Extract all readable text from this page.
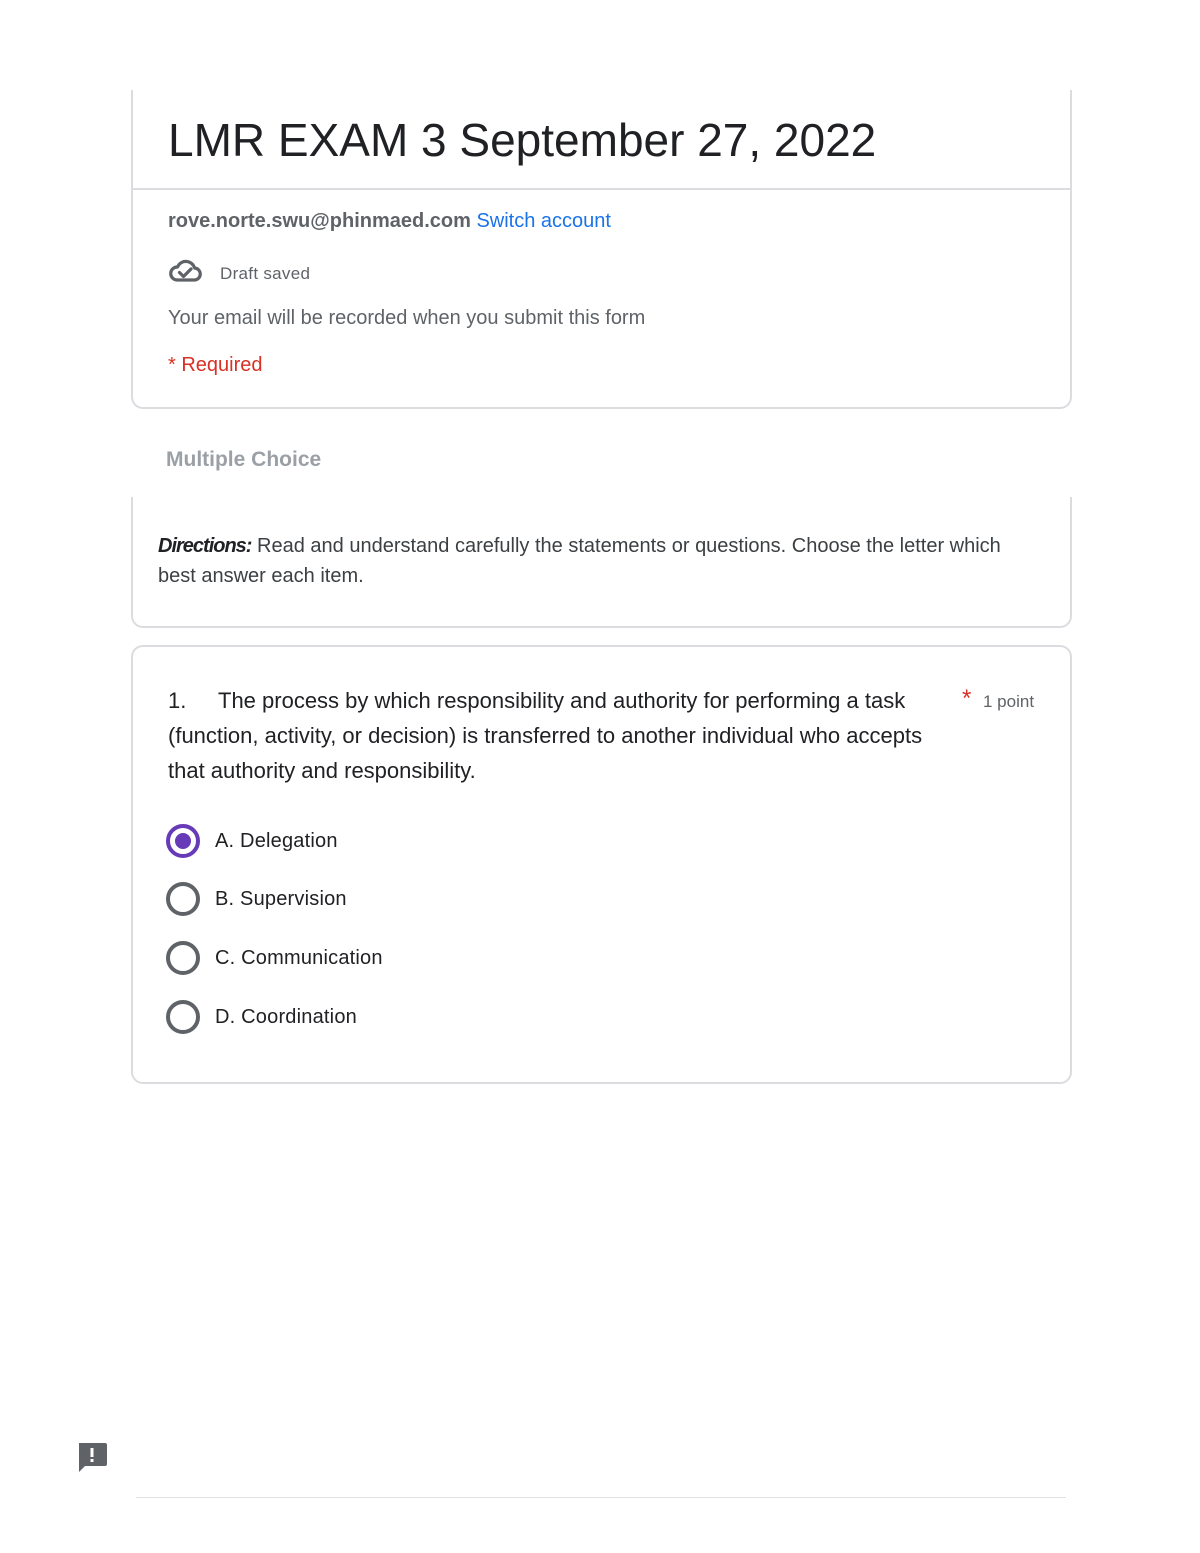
LMR EXAM 3 September 27, 2022
rove.norte.swu@phinmaed.com Switch account
Draft saved
Your email will be recorded when you submit this form
* Required
Multiple Choice
Directions: Read and understand carefully the statements or questions. Choose the letter which best answer each item.
1. The process by which responsibility and authority for performing a task (function, activity, or decision) is transferred to another individual who accepts that authority and responsibility.
* 1 point
A. Delegation
B. Supervision
C. Communication
D. Coordination
